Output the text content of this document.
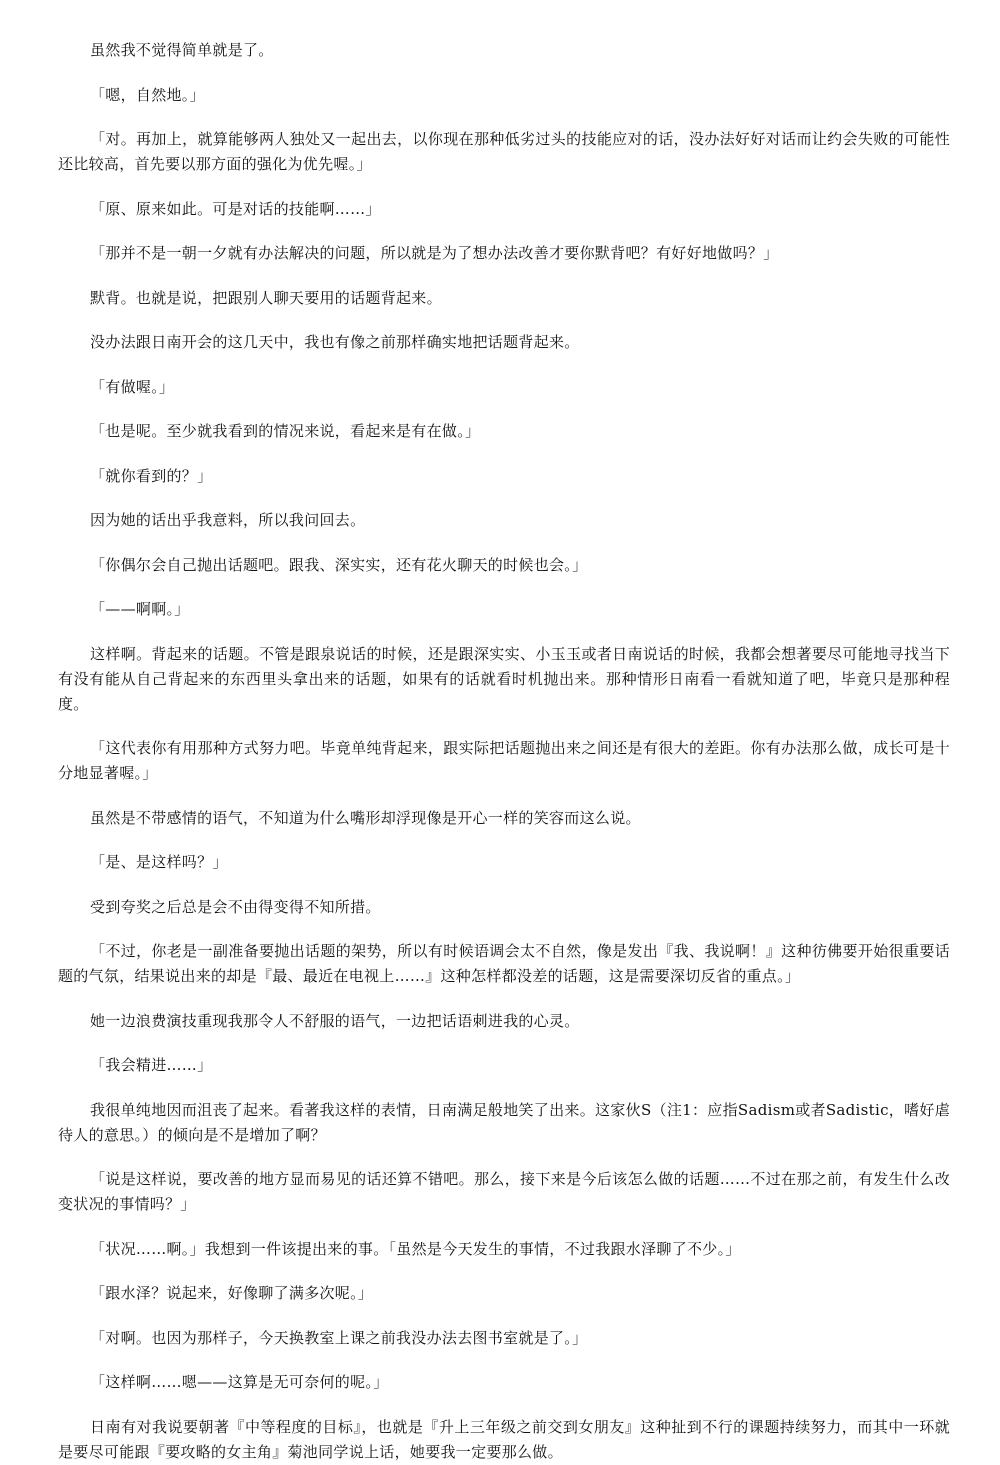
虽然我不觉得简单就是了。

「嗯，自然地。」

「对。再加上，就算能够两人独处又一起出去，以你现在那种低劣过头的技能应对的话，没办法好好对话而让约会失败的可能性还比较高，首先要以那方面的强化为优先喔。」

「原、原来如此。可是对话的技能啊……」

「那并不是一朝一夕就有办法解决的问题，所以就是为了想办法改善才要你默背吧？有好好地做吗？」

默背。也就是说，把跟别人聊天要用的话题背起来。

没办法跟日南开会的这几天中，我也有像之前那样确实地把话题背起来。

「有做喔。」

「也是呢。至少就我看到的情况来说，看起来是有在做。」

「就你看到的？」

因为她的话出乎我意料，所以我问回去。

「你偶尔会自己抛出话题吧。跟我、深实实，还有花火聊天的时候也会。」

「——啊啊。」

这样啊。背起来的话题。不管是跟泉说话的时候，还是跟深实实、小玉玉或者日南说话的时候，我都会想著要尽可能地寻找当下有没有能从自己背起来的东西里头拿出来的话题，如果有的话就看时机抛出来。那种情形日南看一看就知道了吧，毕竟只是那种程度。

「这代表你有用那种方式努力吧。毕竟单纯背起来，跟实际把话题抛出来之间还是有很大的差距。你有办法那么做，成长可是十分地显著喔。」

虽然是不带感情的语气，不知道为什么嘴形却浮现像是开心一样的笑容而这么说。

「是、是这样吗？」

受到夸奖之后总是会不由得变得不知所措。

「不过，你老是一副准备要抛出话题的架势，所以有时候语调会太不自然，像是发出『我、我说啊！』这种彷佛要开始很重要话题的气氛，结果说出来的却是『最、最近在电视上……』这种怎样都没差的话题，这是需要深切反省的重点。」

她一边浪费演技重现我那令人不舒服的语气，一边把话语刺进我的心灵。

「我会精进……」

我很单纯地因而沮丧了起来。看著我这样的表情，日南满足般地笑了出来。这家伙S（注1：应指Sadism或者Sadistic，嗜好虐待人的意思。）的倾向是不是增加了啊？

「说是这样说，要改善的地方显而易见的话还算不错吧。那么，接下来是今后该怎么做的话题……不过在那之前，有发生什么改变状况的事情吗？」

「状况……啊。」我想到一件该提出来的事。「虽然是今天发生的事情，不过我跟水泽聊了不少。」

「跟水泽？说起来，好像聊了满多次呢。」

「对啊。也因为那样子，今天换教室上课之前我没办法去图书室就是了。」

「这样啊……嗯——这算是无可奈何的呢。」

日南有对我说要朝著『中等程度的目标』，也就是『升上三年级之前交到女朋友』这种扯到不行的课题持续努力，而其中一环就是要尽可能跟『要攻略的女主角』菊池同学说上话，她要我一定要那么做。
